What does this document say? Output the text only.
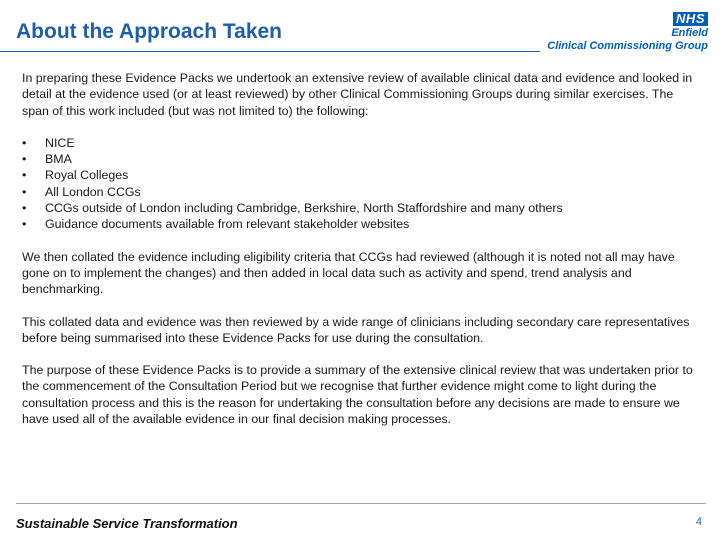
About the Approach Taken
NHS
Enfield
Clinical Commissioning Group

In preparing these Evidence Packs we undertook an extensive review of available clinical data and evidence and looked in detail at the evidence used (or at least reviewed) by other Clinical Commissioning Groups during similar exercises. The span of this work included (but was not limited to) the following:

• NICE
• BMA
• Royal Colleges
• All London CCGs
• CCGs outside of London including Cambridge, Berkshire, North Staffordshire and many others
• Guidance documents available from relevant stakeholder websites

We then collated the evidence including eligibility criteria that CCGs had reviewed (although it is noted not all may have gone on to implement the changes) and then added in local data such as activity and spend, trend analysis and benchmarking.

This collated data and evidence was then reviewed by a wide range of clinicians including secondary care representatives before being summarised into these Evidence Packs for use during the consultation.

The purpose of these Evidence Packs is to provide a summary of the extensive clinical review that was undertaken prior to the commencement of the Consultation Period but we recognise that further evidence might come to light during the consultation process and this is the reason for undertaking the consultation before any decisions are made to ensure we have used all of the available evidence in our final decision making processes.

Sustainable Service Transformation	4
